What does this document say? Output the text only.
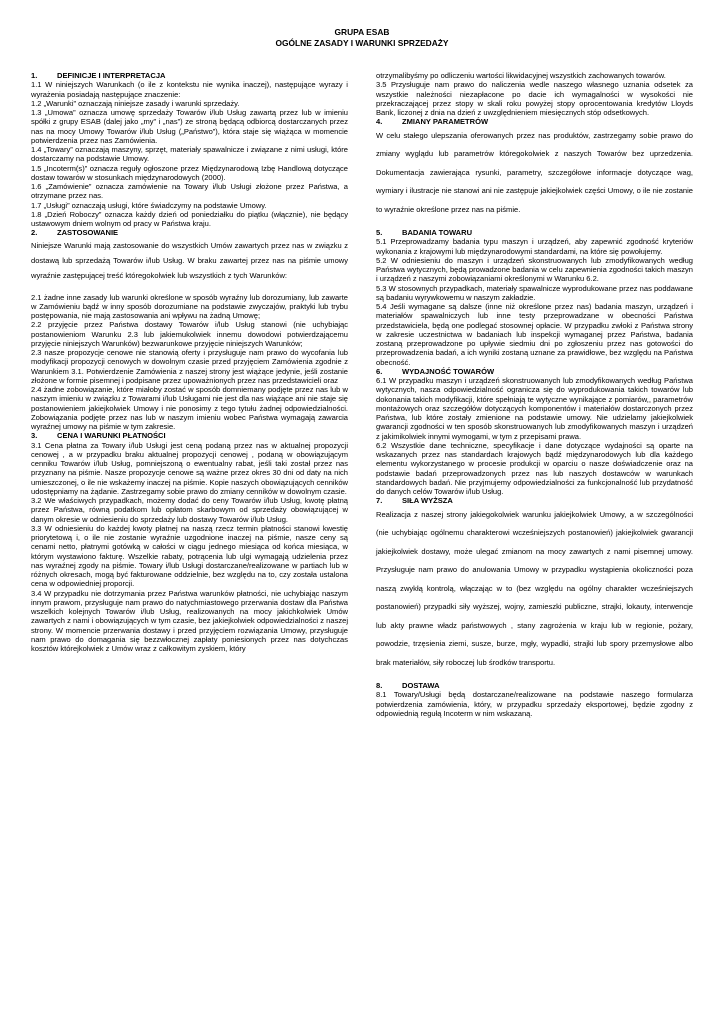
GRUPA ESAB
OGÓLNE ZASADY I WARUNKI SPRZEDAŻY

1.	DEFINICJE I INTERPRETACJA

1.1 W niniejszych Warunkach (o ile z kontekstu nie wynika inaczej), następujące wyrazy i wyrażenia posiadają następujące znaczenie:

1.2 „Warunki” oznaczają niniejsze zasady i warunki sprzedaży.

1.3 „Umowa” oznacza umowę sprzedaży Towarów i/lub Usług zawartą przez lub w imieniu spółki z grupy ESAB (dalej jako „my” i „nas”) ze stroną będącą odbiorcą dostarczanych przez nas na mocy Umowy Towarów i/lub Usług („Państwo”), która staje się wiążąca w momencie potwierdzenia przez nas Zamówienia.

1.4 „Towary” oznaczają maszyny, sprzęt, materiały spawalnicze i związane z nimi usługi, które dostarczamy na podstawie Umowy.

1.5 „Incoterm(s)” oznacza reguły ogłoszone przez Międzynarodową Izbę Handlową dotyczące dostaw towarów w stosunkach międzynarodowych (2000).

1.6 „Zamówienie” oznacza zamówienie na Towary i/lub Usługi złożone przez Państwa, a otrzymane przez nas.

1.7 „Usługi” oznaczają usługi, które świadczymy na podstawie Umowy.

1.8 „Dzień Roboczy” oznacza każdy dzień od poniedziałku do piątku (włącznie), nie będący ustawowym dniem wolnym od pracy w Państwa kraju.

2.	ZASTOSOWANIE

Niniejsze Warunki mają zastosowanie do wszystkich Umów zawartych przez nas w związku z dostawą lub sprzedażą Towarów i/lub Usług. W braku zawartej przez nas na piśmie umowy wyraźnie zastępującej treść któregokolwiek lub wszystkich z tych Warunków:

2.1 żadne inne zasady lub warunki określone w sposób wyraźny lub dorozumiany, lub zawarte w Zamówieniu bądź w inny sposób dorozumiane na podstawie zwyczajów, praktyki lub trybu postępowania, nie mają zastosowania ani wpływu na żadną Umowę;

2.2 przyjęcie przez Państwa dostawy Towarów i/lub Usług stanowi (nie uchybiając postanowieniom Warunku 2.3 lub jakiemukolwiek innemu dowodowi potwierdzającemu przyjęcie niniejszych Warunków) bezwarunkowe przyjęcie niniejszych Warunków;

2.3 nasze propozycje cenowe nie stanowią oferty i przysługuje nam prawo do wycofania lub modyfikacji propozycji cenowych w dowolnym czasie przed przyjęciem Zamówienia zgodnie z Warunkiem 3.1. Potwierdzenie Zamówienia z naszej strony jest wiążące jedynie, jeśli zostanie złożone w formie pisemnej i podpisane przez upoważnionych przez nas przedstawicieli oraz

2.4 żadne zobowiązanie, które miałoby zostać w sposób domniemany podjęte przez nas lub w naszym imieniu w związku z Towarami i/lub Usługami nie jest dla nas wiążące ani nie staje się postanowieniem jakiejkolwiek Umowy i nie ponosimy z tego tytułu żadnej odpowiedzialności. Zobowiązania podjęte przez nas lub w naszym imieniu wobec Państwa wymagają zawarcia wyraźnej umowy na piśmie w tym zakresie.

3.	CENA I WARUNKI PŁATNOŚCI

3.1 Cena płatna za Towary i/lub Usługi jest ceną podaną przez nas w aktualnej propozycji cenowej , a w przypadku braku aktualnej propozycji cenowej , podaną w obowiązującym cenniku Towarów i/lub Usług, pomniejszoną o ewentualny rabat, jeśli taki został przez nas przyznany na piśmie. Nasze propozycje cenowe są ważne przez okres 30 dni od daty na nich umieszczonej, o ile nie wskażemy inaczej na piśmie. Kopie naszych obowiązujących cenników udostępniamy na żądanie. Zastrzegamy sobie prawo do zmiany cenników w dowolnym czasie.

3.2 We właściwych przypadkach, możemy dodać do ceny Towarów i/lub Usług, kwotę płatną przez Państwa, równą podatkom lub opłatom skarbowym od sprzedaży obowiązującej w danym okresie w odniesieniu do sprzedaży lub dostawy Towarów i/lub Usług.

3.3 W odniesieniu do każdej kwoty płatnej na naszą rzecz termin płatności stanowi kwestię priorytetową i, o ile nie zostanie wyraźnie uzgodnione inaczej na piśmie, nasze ceny są cenami netto, płatnymi gotówką w całości w ciągu jednego miesiąca od końca miesiąca, w którym wystawiono fakturę. Wszelkie rabaty, potrącenia lub ulgi wymagają udzielenia przez nas wyraźnej zgody na piśmie. Towary i/lub Usługi dostarczane/realizowane w partiach lub w różnych okresach, mogą być fakturowane oddzielnie, bez względu na to, czy została ustalona cena w odpowiedniej proporcji.

3.4 W przypadku nie dotrzymania przez Państwa warunków płatności, nie uchybiając naszym innym prawom, przysługuje nam prawo do natychmiastowego przerwania dostaw dla Państwa wszelkich kolejnych Towarów i/lub Usług, realizowanych na mocy jakichkolwiek Umów zawartych z nami i obowiązujących w tym czasie, bez jakiejkolwiek odpowiedzialności z naszej strony. W momencie przerwania dostawy i przed przyjęciem rozwiązania Umowy, przysługuje nam prawo do domagania się bezzwłocznej zapłaty poniesionych przez nas dotychczas kosztów którejkolwiek z Umów wraz z całkowitym zyskiem, który

otrzymalibyśmy po odliczeniu wartości likwidacyjnej wszystkich zachowanych towarów.

3.5 Przysługuje nam prawo do naliczenia wedle naszego własnego uznania odsetek za wszystkie należności niezapłacone po dacie ich wymagalności w wysokości nie przekraczającej przez stopy w skali roku powyżej stopy oprocentowania kredytów Lloyds Bank, liczonej z dnia na dzień z uwzględnieniem miesięcznych stóp odsetkowych.

4.	ZMIANY PARAMETRÓW

W celu stałego ulepszania oferowanych przez nas produktów, zastrzegamy sobie prawo do zmiany wyglądu lub parametrów któregokolwiek z naszych Towarów bez uprzedzenia. Dokumentacja zawierająca rysunki, parametry, szczegółowe informacje dotyczące wag, wymiary i ilustracje nie stanowi ani nie zastępuje jakiejkolwiek części Umowy, o ile nie zostanie to wyraźnie określone przez nas na piśmie.

5.	BADANIA TOWARU

5.1 Przeprowadzamy badania typu maszyn i urządzeń, aby zapewnić zgodność kryteriów wykonania z krajowymi lub międzynarodowymi standardami, na które się powołujemy.

5.2 W odniesieniu do maszyn i urządzeń skonstruowanych lub zmodyfikowanych według Państwa wytycznych, będą prowadzone badania w celu zapewnienia zgodności takich maszyn i urządzeń z naszymi zobowiązaniami określonymi w Warunku 6.2.

5.3 W stosownych przypadkach, materiały spawalnicze wyprodukowane przez nas poddawane są badaniu wyrywkowemu w naszym zakładzie.

5.4 Jeśli wymagane są dalsze (inne niż określone przez nas) badania maszyn, urządzeń i materiałów spawalniczych lub inne testy przeprowadzane w obecności Państwa przedstawiciela, będą one podlegać stosownej opłacie. W przypadku zwłoki z Państwa strony w zakresie uczestnictwa w badaniach lub inspekcji wymaganej przez Państwa, badania zostaną przeprowadzone po upływie siedmiu dni po zgłoszeniu przez nas gotowości do przeprowadzenia badań, a ich wyniki zostaną uznane za prawidłowe, bez względu na Państwa obecność.

6.	WYDAJNOŚĆ TOWARÓW

6.1 W przypadku maszyn i urządzeń skonstruowanych lub zmodyfikowanych według Państwa wytycznych, nasza odpowiedzialność ogranicza się do wyprodukowania takich towarów lub dokonania takich modyfikacji, które spełniają te wytyczne wynikające z pomiarów,, parametrów montażowych oraz szczegółów dotyczących komponentów i materiałów dostarczonych przez Państwa, lub które zostały zmienione na podstawie umowy. Nie udzielamy jakiejkolwiek gwarancji zgodności w ten sposób skonstruowanych lub zmodyfikowanych maszyn i urządzeń z jakimikolwiek innymi wymogami, w tym z przepisami prawa.

6.2 Wszystkie dane techniczne, specyfikacje i dane dotyczące wydajności są oparte na wskazanych przez nas standardach krajowych bądź międzynarodowych lub dla każdego elementu wykorzystanego w procesie produkcji w oparciu o nasze doświadczenie oraz na podstawie badań przeprowadzonych przez nas lub naszych dostawców w warunkach standardowych badań. Nie przyjmujemy odpowiedzialności za funkcjonalność lub przydatność do danych celów Towarów i/lub Usług.

7.	SIŁA WYŻSZA

Realizacja z naszej strony jakiegokolwiek warunku jakiejkolwiek Umowy, a w szczególności (nie uchybiając ogólnemu charakterowi wcześniejszych postanowień) jakiejkolwiek gwarancji jakiejkolwiek dostawy, może ulegać zmianom na mocy zawartych z nami pisemnej umowy. Przysługuje nam prawo do anulowania Umowy w przypadku wystąpienia okoliczności poza naszą zwykłą kontrolą, włączając w to (bez względu na ogólny charakter wcześniejszych postanowień) przypadki siły wyższej, wojny, zamieszki publiczne, strajki, lokauty, interwencje lub akty prawne władz państwowych , stany zagrożenia w kraju lub w regionie, pożary, powodzie, trzęsienia ziemi, susze, burze, mgły, wypadki, strajki lub spory przemysłowe albo brak materiałów, siły roboczej lub środków transportu.

8.	DOSTAWA

8.1 Towary/Usługi będą dostarczane/realizowane na podstawie naszego formularza potwierdzenia zamówienia, który, w przypadku sprzedaży eksportowej, będzie zgodny z odpowiednią regułą Incoterm w nim wskazaną.
